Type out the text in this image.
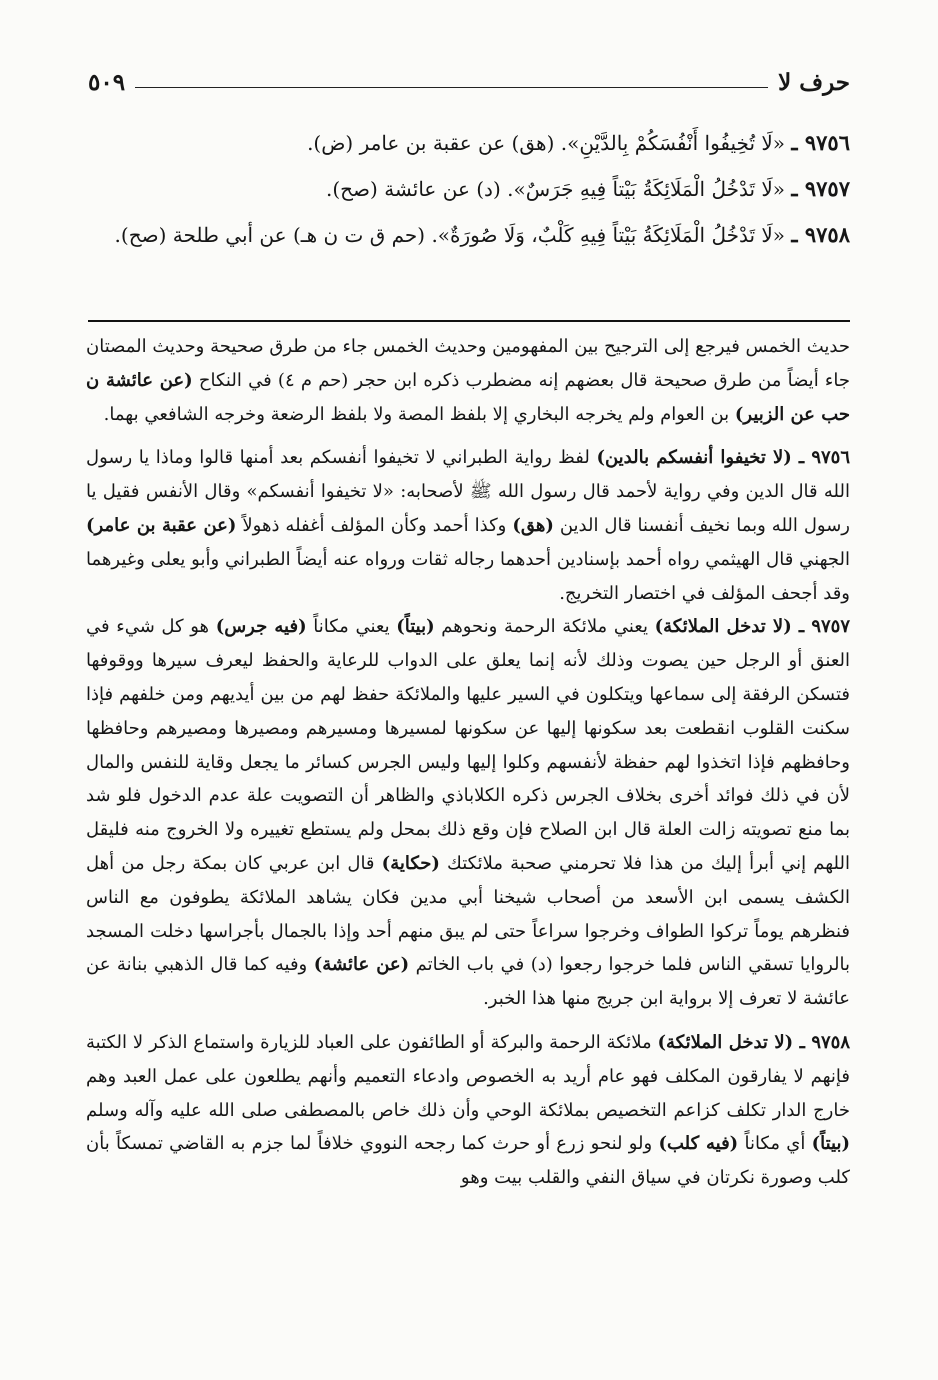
حرف لا
٥٠٩

٩٧٥٦ ـ «لَا تُخِيفُوا أَنْفُسَكُمْ بِالدَّيْنِ». (هق) عن عقبة بن عامر (ض).

٩٧٥٧ ـ «لَا تَدْخُلُ الْمَلَائِكَةُ بَيْتاً فِيهِ جَرَسٌ». (د) عن عائشة (صح).

٩٧٥٨ ـ «لَا تَدْخُلُ الْمَلَائِكَةُ بَيْتاً فِيهِ كَلْبٌ، وَلَا صُورَةٌ». (حم ق ت ن هـ) عن أبي طلحة (صح).

حديث الخمس فيرجع إلى الترجيح بين المفهومين وحديث الخمس جاء من طرق صحيحة وحديث المصتان جاء أيضاً من طرق صحيحة قال بعضهم إنه مضطرب ذكره ابن حجر (حم م ٤) في النكاح (عن عائشة ن حب عن الزبير) بن العوام ولم يخرجه البخاري إلا بلفظ المصة ولا بلفظ الرضعة وخرجه الشافعي بهما.

٩٧٥٦ ـ (لا تخيفوا أنفسكم بالدين) لفظ رواية الطبراني لا تخيفوا أنفسكم بعد أمنها قالوا وماذا يا رسول الله قال الدين وفي رواية لأحمد قال رسول الله ﷺ لأصحابه: «لا تخيفوا أنفسكم» وقال الأنفس فقيل يا رسول الله وبما نخيف أنفسنا قال الدين (هق) وكذا أحمد وكأن المؤلف أغفله ذهولاً (عن عقبة بن عامر) الجهني قال الهيثمي رواه أحمد بإسنادين أحدهما رجاله ثقات ورواه عنه أيضاً الطبراني وأبو يعلى وغيرهما وقد أجحف المؤلف في اختصار التخريج.

٩٧٥٧ ـ (لا تدخل الملائكة) يعني ملائكة الرحمة ونحوهم (بيتاً) يعني مكاناً (فيه جرس) هو كل شيء في العنق أو الرجل حين يصوت وذلك لأنه إنما يعلق على الدواب للرعاية والحفظ ليعرف سيرها ووقوفها فتسكن الرفقة إلى سماعها ويتكلون في السير عليها والملائكة حفظ لهم من بين أيديهم ومن خلفهم فإذا سكنت القلوب انقطعت بعد سكونها إليها عن سكونها لمسيرها ومسيرهم ومصيرها ومصيرهم وحافظها وحافظهم فإذا اتخذوا لهم حفظة لأنفسهم وكلوا إليها وليس الجرس كسائر ما يجعل وقاية للنفس والمال لأن في ذلك فوائد أخرى بخلاف الجرس ذكره الكلاباذي والظاهر أن التصويت علة عدم الدخول فلو شد بما منع تصويته زالت العلة قال ابن الصلاح فإن وقع ذلك بمحل ولم يستطع تغييره ولا الخروج منه فليقل اللهم إني أبرأ إليك من هذا فلا تحرمني صحبة ملائكتك (حكاية) قال ابن عربي كان بمكة رجل من أهل الكشف يسمى ابن الأسعد من أصحاب شيخنا أبي مدين فكان يشاهد الملائكة يطوفون مع الناس فنظرهم يوماً تركوا الطواف وخرجوا سراعاً حتى لم يبق منهم أحد وإذا بالجمال بأجراسها دخلت المسجد بالروايا تسقي الناس فلما خرجوا رجعوا (د) في باب الخاتم (عن عائشة) وفيه كما قال الذهبي بنانة عن عائشة لا تعرف إلا برواية ابن جريج منها هذا الخبر.

٩٧٥٨ ـ (لا تدخل الملائكة) ملائكة الرحمة والبركة أو الطائفون على العباد للزيارة واستماع الذكر لا الكتبة فإنهم لا يفارقون المكلف فهو عام أريد به الخصوص وادعاء التعميم وأنهم يطلعون على عمل العبد وهم خارج الدار تكلف كزاعم التخصيص بملائكة الوحي وأن ذلك خاص بالمصطفى صلى الله عليه وآله وسلم (بيتاً) أي مكاناً (فيه كلب) ولو لنحو زرع أو حرث كما رجحه النووي خلافاً لما جزم به القاضي تمسكاً بأن كلب وصورة نكرتان في سياق النفي والقلب بيت وهو
